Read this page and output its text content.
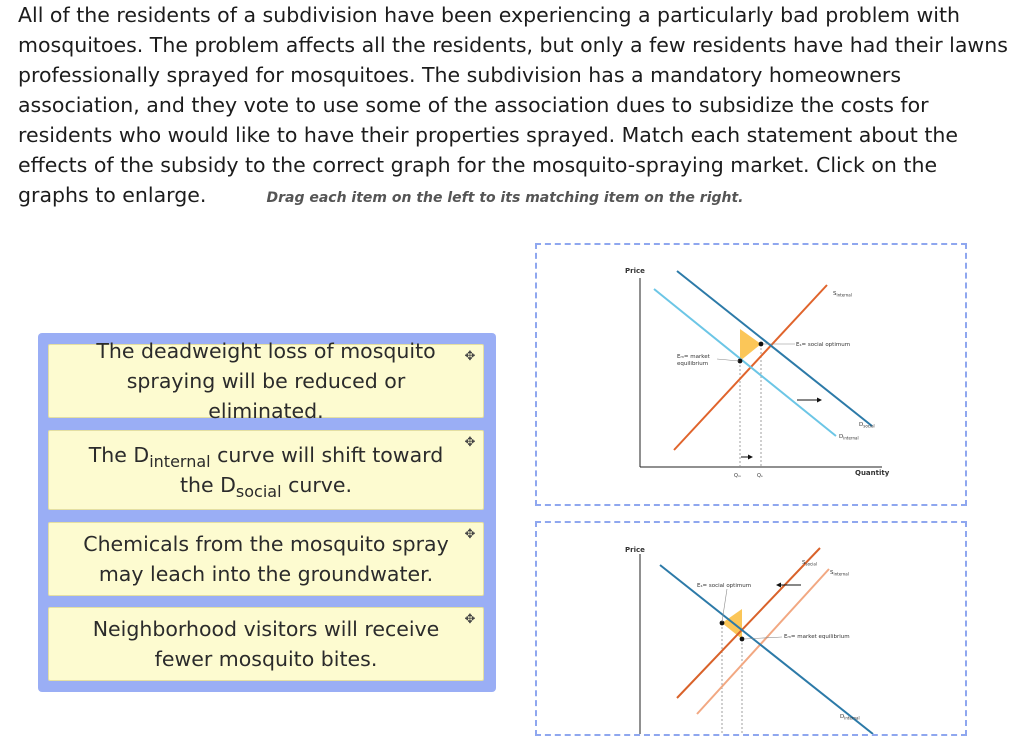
All of the residents of a subdivision have been experiencing a particularly bad problem with mosquitoes. The problem affects all the residents, but only a few residents have had their lawns professionally sprayed for mosquitoes. The subdivision has a mandatory homeowners association, and they vote to use some of the association dues to subsidize the costs for residents who would like to have their properties sprayed. Match each statement about the effects of the subsidy to the correct graph for the mosquito-spraying market. Click on the graphs to enlarge.	Drag each item on the left to its matching item on the right.
The deadweight loss of mosquito spraying will be reduced or eliminated.
✥
The $D_{internal}$ curve will shift toward the $D_{social}$ curve.
✥
Chemicals from the mosquito spray may leach into the groundwater.
✥
Neighborhood visitors will receive fewer mosquito bites.
✥
Price
Quantity
Eₛ= social optimum
Eₘ= market
equilibrium
$S_{internal}$
$D_{social}$
$D_{internal}$
Qₘ	Qₛ
Price
Eₛ= social optimum
Eₘ= market equilibrium
$S_{social}$
$S_{internal}$
$D_{internal}$
